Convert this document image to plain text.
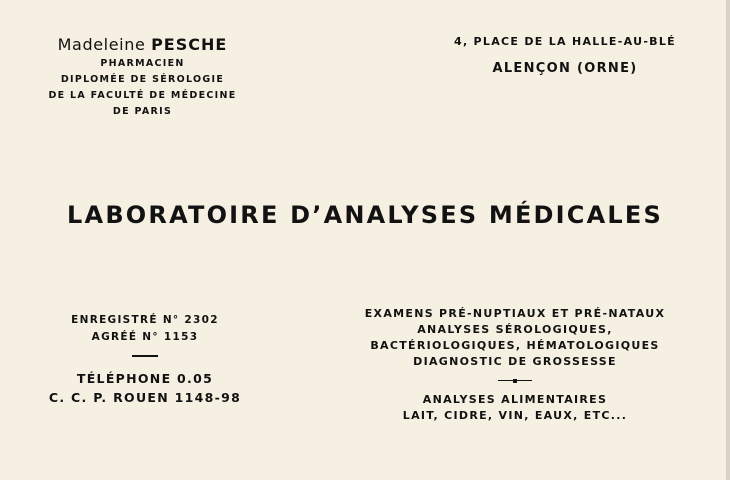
Madeleine PESCHE
PHARMACIEN
DIPLOMÉE DE SÉROLOGIE
DE LA FACULTÉ DE MÉDECINE
DE PARIS
4, PLACE DE LA HALLE-AU-BLÉ
ALENÇON (ORNE)
LABORATOIRE D’ANALYSES MÉDICALES
ENREGISTRÉ N° 2302
AGRÉÉ N° 1153
TÉLÉPHONE 0.05
C. C. P. ROUEN 1148-98
EXAMENS PRÉ-NUPTIAUX ET PRÉ-NATAUX
ANALYSES SÉROLOGIQUES,
BACTÉRIOLOGIQUES, HÉMATOLOGIQUES
DIAGNOSTIC DE GROSSESSE
ANALYSES ALIMENTAIRES
LAIT, CIDRE, VIN, EAUX, ETC...
